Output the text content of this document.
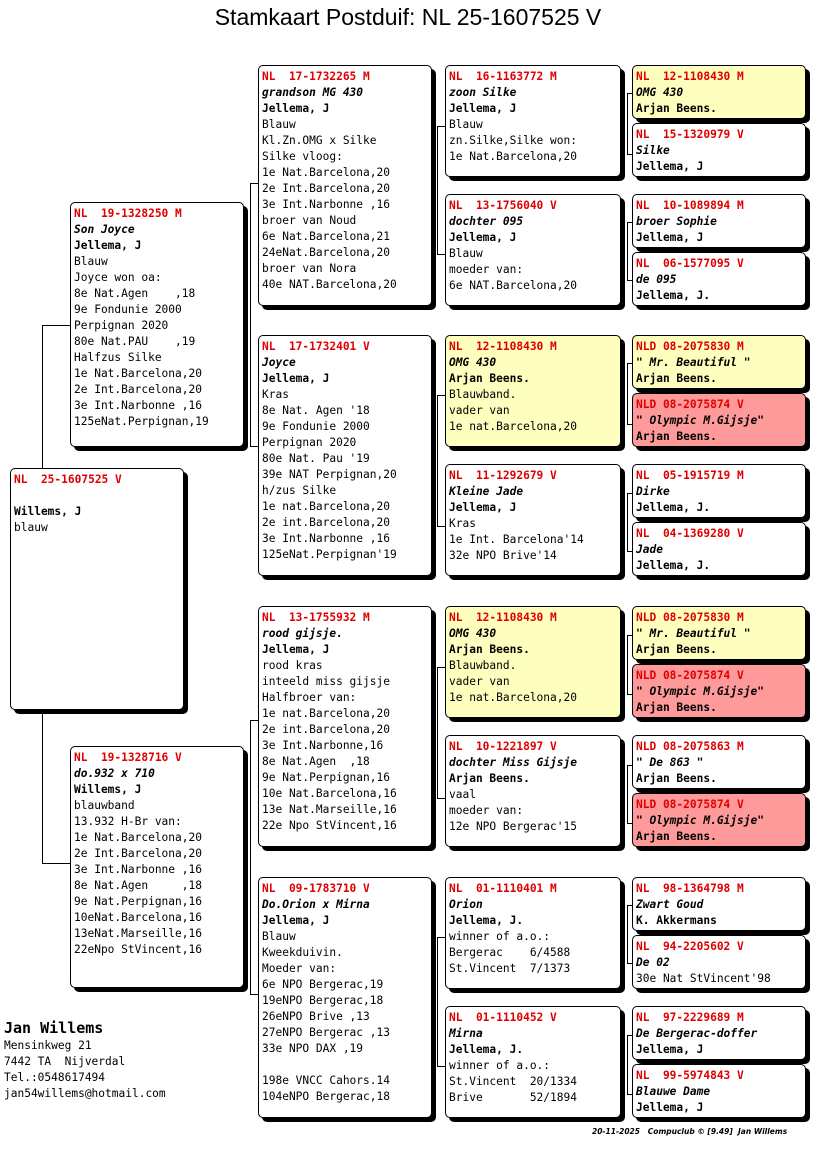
Stamkaart Postduif: NL 25-1607525 V
NL  25-1607525 V

Willems, J
blauw
NL  19-1328250 M
Son Joyce
Jellema, J
Blauw
Joyce won oa:
8e Nat.Agen    ,18
9e Fondunie 2000
Perpignan 2020
80e Nat.PAU    ,19
Halfzus Silke
1e Nat.Barcelona,20
2e Int.Barcelona,20
3e Int.Narbonne ,16
125eNat.Perpignan,19
NL  19-1328716 V
do.932 x 710
Willems, J
blauwband
13.932 H-Br van:
1e Nat.Barcelona,20
2e Int.Barcelona,20
3e Int.Narbonne ,16
8e Nat.Agen     ,18
9e Nat.Perpignan,16
10eNat.Barcelona,16
13eNat.Marseille,16
22eNpo StVincent,16
NL  17-1732265 M
grandson MG 430
Jellema, J
Blauw
Kl.Zn.OMG x Silke
Silke vloog:
1e Nat.Barcelona,20
2e Int.Barcelona,20
3e Int.Narbonne ,16
broer van Noud
6e Nat.Barcelona,21
24eNat.Barcelona,20
broer van Nora
40e NAT.Barcelona,20
NL  17-1732401 V
Joyce
Jellema, J
Kras
8e Nat. Agen '18
9e Fondunie 2000
Perpignan 2020
80e Nat. Pau '19
39e NAT Perpignan,20
h/zus Silke
1e nat.Barcelona,20
2e int.Barcelona,20
3e Int.Narbonne ,16
125eNat.Perpignan'19
NL  13-1755932 M
rood gijsje.
Jellema, J
rood kras
inteeld miss gijsje
Halfbroer van:
1e nat.Barcelona,20
2e int.Barcelona,20
3e Int.Narbonne,16
8e Nat.Agen  ,18
9e Nat.Perpignan,16
10e Nat.Barcelona,16
13e Nat.Marseille,16
22e Npo StVincent,16
NL  09-1783710 V
Do.Orion x Mirna
Jellema, J
Blauw
Kweekduivin.
Moeder van:
6e NPO Bergerac,19
19eNPO Bergerac,18
26eNPO Brive ,13
27eNPO Bergerac ,13
33e NPO DAX ,19

198e VNCC Cahors.14
104eNPO Bergerac,18
NL  16-1163772 M
zoon Silke
Jellema, J
Blauw
zn.Silke,Silke won:
1e Nat.Barcelona,20
NL  13-1756040 V
dochter 095
Jellema, J
Blauw
moeder van:
6e NAT.Barcelona,20
NL  12-1108430 M
OMG 430
Arjan Beens.
Blauwband.
vader van
1e nat.Barcelona,20
NL  11-1292679 V
Kleine Jade
Jellema, J
Kras
1e Int. Barcelona'14
32e NPO Brive'14
NL  12-1108430 M
OMG 430
Arjan Beens.
Blauwband.
vader van
1e nat.Barcelona,20
NL  10-1221897 V
dochter Miss Gijsje
Arjan Beens.
vaal
moeder van:
12e NPO Bergerac'15
NL  01-1110401 M
Orion
Jellema, J.
winner of a.o.:
Bergerac    6/4588
St.Vincent  7/1373
NL  01-1110452 V
Mirna
Jellema, J.
winner of a.o.:
St.Vincent  20/1334
Brive       52/1894
NL  12-1108430 M
OMG 430
Arjan Beens.
NL  15-1320979 V
Silke
Jellema, J
NL  10-1089894 M
broer Sophie
Jellema, J
NL  06-1577095 V
de 095
Jellema, J.
NLD 08-2075830 M
" Mr. Beautiful "
Arjan Beens.
NLD 08-2075874 V
" Olympic M.Gijsje"
Arjan Beens.
NL  05-1915719 M
Dirke
Jellema, J.
NL  04-1369280 V
Jade
Jellema, J.
NLD 08-2075830 M
" Mr. Beautiful "
Arjan Beens.
NLD 08-2075874 V
" Olympic M.Gijsje"
Arjan Beens.
NLD 08-2075863 M
" De 863 "
Arjan Beens.
NLD 08-2075874 V
" Olympic M.Gijsje"
Arjan Beens.
NL  98-1364798 M
Zwart Goud
K. Akkermans
NL  94-2205602 V
De 02
30e Nat StVincent'98
NL  97-2229689 M
De Bergerac-doffer
Jellema, J
NL  99-5974843 V
Blauwe Dame
Jellema, J
Jan Willems
Mensinkweg 21
7442 TA  Nijverdal
Tel.:0548617494
jan54willems@hotmail.com
20-11-2025   Compuclub © [9.49]  Jan Willems
